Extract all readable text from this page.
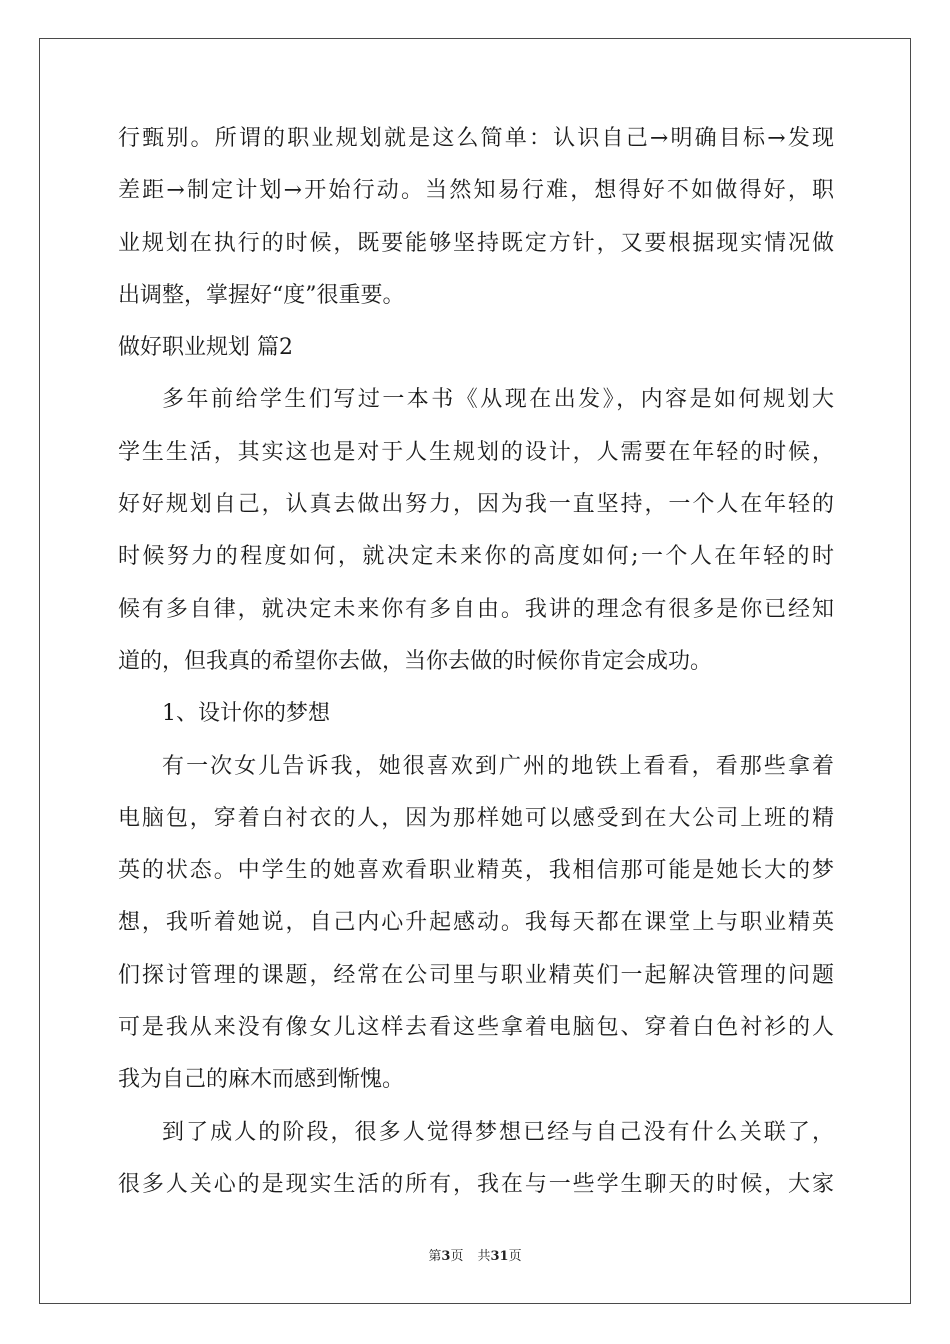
行甄别。所谓的职业规划就是这么简单：认识自己→明确目标→发现
差距→制定计划→开始行动。当然知易行难，想得好不如做得好，职
业规划在执行的时候，既要能够坚持既定方针，又要根据现实情况做
出调整，掌握好“度”很重要。
做好职业规划 篇2
多年前给学生们写过一本书《从现在出发》，内容是如何规划大
学生生活，其实这也是对于人生规划的设计，人需要在年轻的时候，
好好规划自己，认真去做出努力，因为我一直坚持，一个人在年轻的
时候努力的程度如何，就决定未来你的高度如何;一个人在年轻的时
候有多自律，就决定未来你有多自由。我讲的理念有很多是你已经知
道的，但我真的希望你去做，当你去做的时候你肯定会成功。
1、设计你的梦想
有一次女儿告诉我，她很喜欢到广州的地铁上看看，看那些拿着
电脑包，穿着白衬衣的人，因为那样她可以感受到在大公司上班的精
英的状态。中学生的她喜欢看职业精英，我相信那可能是她长大的梦
想，我听着她说，自己内心升起感动。我每天都在课堂上与职业精英
们探讨管理的课题，经常在公司里与职业精英们一起解决管理的问题
可是我从来没有像女儿这样去看这些拿着电脑包、穿着白色衬衫的人
我为自己的麻木而感到惭愧。
到了成人的阶段，很多人觉得梦想已经与自己没有什么关联了，
很多人关心的是现实生活的所有，我在与一些学生聊天的时候，大家
第3页 共31页
